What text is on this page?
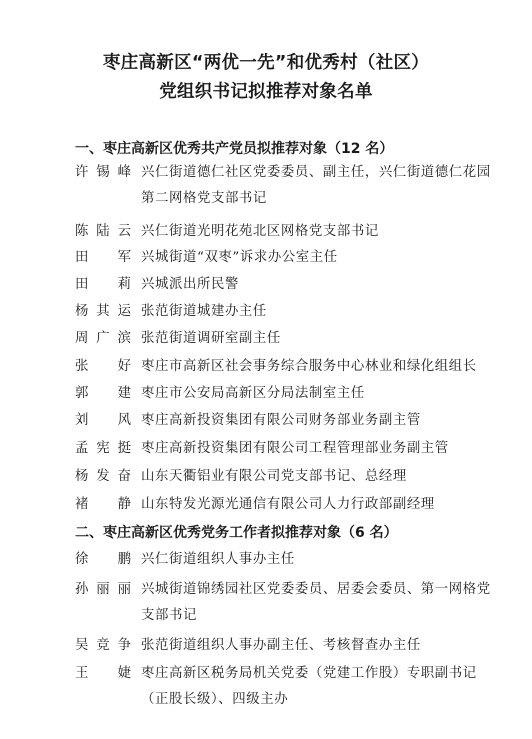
枣庄高新区“两优一先”和优秀村（社区）
党组织书记拟推荐对象名单
一、枣庄高新区优秀共产党员拟推荐对象（12 名）
许锡峰 兴仁街道德仁社区党委委员、副主任，兴仁街道德仁花园第二网格党支部书记
陈陆云 兴仁街道光明花苑北区网格党支部书记
田　军 兴城街道“双枣”诉求办公室主任
田　莉 兴城派出所民警
杨其运 张范街道城建办主任
周广滨 张范街道调研室副主任
张　好 枣庄市高新区社会事务综合服务中心林业和绿化组组长
郭　建 枣庄市公安局高新区分局法制室主任
刘　风 枣庄高新投资集团有限公司财务部业务副主管
孟宪挺 枣庄高新投资集团有限公司工程管理部业务副主管
杨发奋 山东天衢铝业有限公司党支部书记、总经理
褚　静 山东特发光源光通信有限公司人力行政部副经理
二、枣庄高新区优秀党务工作者拟推荐对象（6 名）
徐　鹏 兴仁街道组织人事办主任
孙丽丽 兴城街道锦绣园社区党委委员、居委会委员、第一网格党支部书记
吴竞争 张范街道组织人事办副主任、考核督查办主任
王　婕 枣庄高新区税务局机关党委（党建工作股）专职副书记（正股长级）、四级主办
